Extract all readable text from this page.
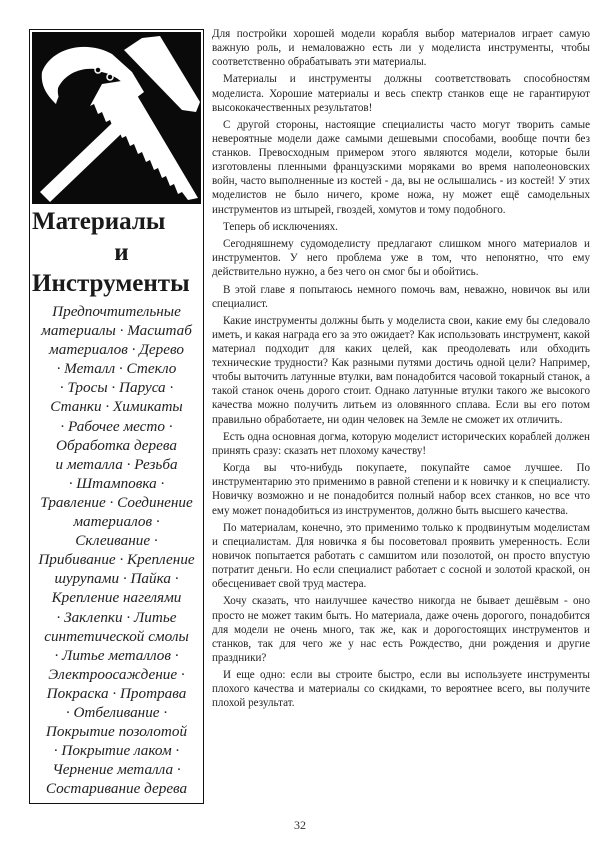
Материалы
и
Инструменты
Предпочтительные
материалы · Масштаб
материалов · Дерево
· Металл · Стекло
· Тросы · Паруса ·
Станки · Химикаты
· Рабочее место ·
Обработка дерева
и металла · Резьба
· Штамповка ·
Травление · Соединение
материалов ·
Склеивание ·
Прибивание · Крепление
шурупами · Пайка ·
Крепление нагелями
· Заклепки · Литье
синтетической смолы
· Литье металлов ·
Электроосаждение ·
Покраска · Протрава
· Отбеливание ·
Покрытие позолотой
· Покрытие лаком ·
Чернение металла ·
Состаривание дерева

Для постройки хорошей модели корабля выбор материалов играет самую важную роль, и немаловажно есть ли у моделиста инструменты, чтобы соответственно обрабатывать эти материалы.

Материалы и инструменты должны соответствовать способностям моделиста. Хорошие материалы и весь спектр станков еще не гарантируют высококачественных результатов!

С другой стороны, настоящие специалисты часто могут творить самые невероятные модели даже самыми дешевыми способами, вообще почти без станков. Превосходным примером этого являются модели, которые были изготовлены пленными французскими моряками во время наполеоновских войн, часто выполненные из костей - да, вы не ослышались - из костей! У этих моделистов не было ничего, кроме ножа, ну может ещё самодельных инструментов из штырей, гвоздей, хомутов и тому подобного.

Теперь об исключениях.

Сегодняшнему судомоделисту предлагают слишком много материалов и инструментов. У него проблема уже в том, что непонятно, что ему действительно нужно, а без чего он смог бы и обойтись.

В этой главе я попытаюсь немного помочь вам, неважно, новичок вы или специалист.

Какие инструменты должны быть у моделиста свои, какие ему бы следовало иметь, и какая награда его за это ожидает? Как использовать инструмент, какой материал подходит для каких целей, как преодолевать или обходить технические трудности? Как разными путями достичь одной цели? Например, чтобы выточить латунные втулки, вам понадобится часовой токарный станок, а такой станок очень дорого стоит. Однако латунные втулки такого же высокого качества можно получить литьем из оловянного сплава. Если вы его потом правильно обработаете, ни один человек на Земле не сможет их отличить.

Есть одна основная догма, которую моделист исторических кораблей должен принять сразу: сказать нет плохому качеству!

Когда вы что-нибудь покупаете, покупайте самое лучшее. По инструментарию это применимо в равной степени и к новичку и к специалисту. Новичку возможно и не понадобится полный набор всех станков, но все что ему может понадобиться из инструментов, должно быть высшего качества.

По материалам, конечно, это применимо только к продвинутым моделистам и специалистам. Для новичка я бы посоветовал проявить умеренность. Если новичок попытается работать с самшитом или позолотой, он просто впустую потратит деньги. Но если специалист работает с сосной и золотой краской, он обесценивает свой труд мастера.

Хочу сказать, что наилучшее качество никогда не бывает дешёвым - оно просто не может таким быть. Но материала, даже очень дорогого, понадобится для модели не очень много, так же, как и дорогостоящих инструментов и станков, так для чего же у нас есть Рождество, дни рождения и другие праздники?

И еще одно: если вы строите быстро, если вы используете инструменты плохого качества и материалы со скидками, то вероятнее всего, вы получите плохой результат.

32
